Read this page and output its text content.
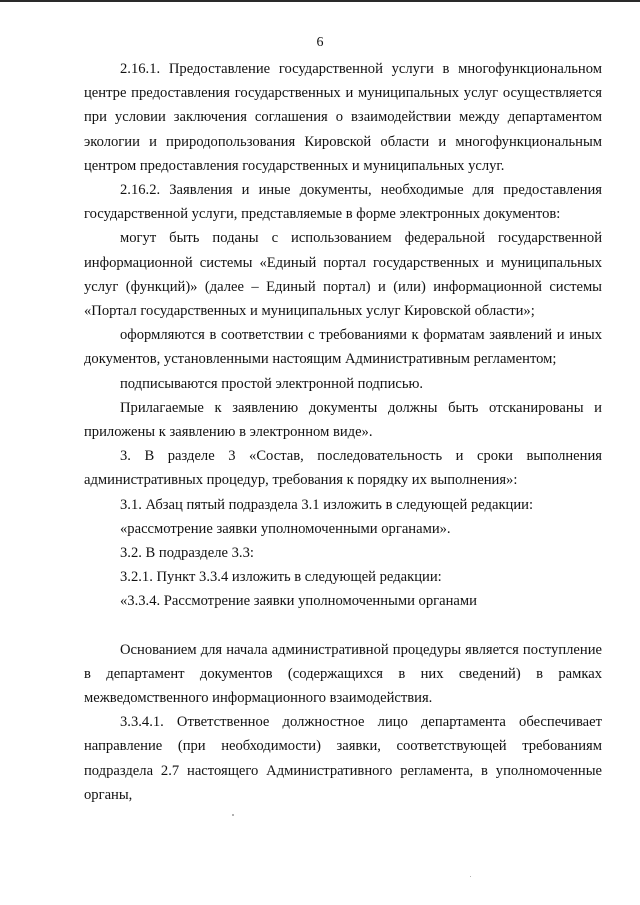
6

2.16.1. Предоставление государственной услуги в многофункциональном центре предоставления государственных и муниципальных услуг осуществляется при условии заключения соглашения о взаимодействии между департаментом экологии и природопользования Кировской области и многофункциональным центром предоставления государственных и муниципальных услуг.

2.16.2. Заявления и иные документы, необходимые для предоставления государственной услуги, представляемые в форме электронных документов:

могут быть поданы с использованием федеральной государственной информационной системы «Единый портал государственных и муниципальных услуг (функций)» (далее – Единый портал) и (или) информационной системы «Портал государственных и муниципальных услуг Кировской области»;

оформляются в соответствии с требованиями к форматам заявлений и иных документов, установленными настоящим Административным регламентом;

подписываются простой электронной подписью.

Прилагаемые к заявлению документы должны быть отсканированы и приложены к заявлению в электронном виде».

3. В разделе 3 «Состав, последовательность и сроки выполнения административных процедур, требования к порядку их выполнения»:

3.1. Абзац пятый подраздела 3.1 изложить в следующей редакции:

«рассмотрение заявки уполномоченными органами».

3.2. В подразделе 3.3:

3.2.1. Пункт 3.3.4 изложить в следующей редакции:

«3.3.4. Рассмотрение заявки уполномоченными органами

Основанием для начала административной процедуры является поступление в департамент документов (содержащихся в них сведений) в рамках межведомственного информационного взаимодействия.

3.3.4.1. Ответственное должностное лицо департамента обеспечивает направление (при необходимости) заявки, соответствующей требованиям подраздела 2.7 настоящего Административного регламента, в уполномоченные органы,
